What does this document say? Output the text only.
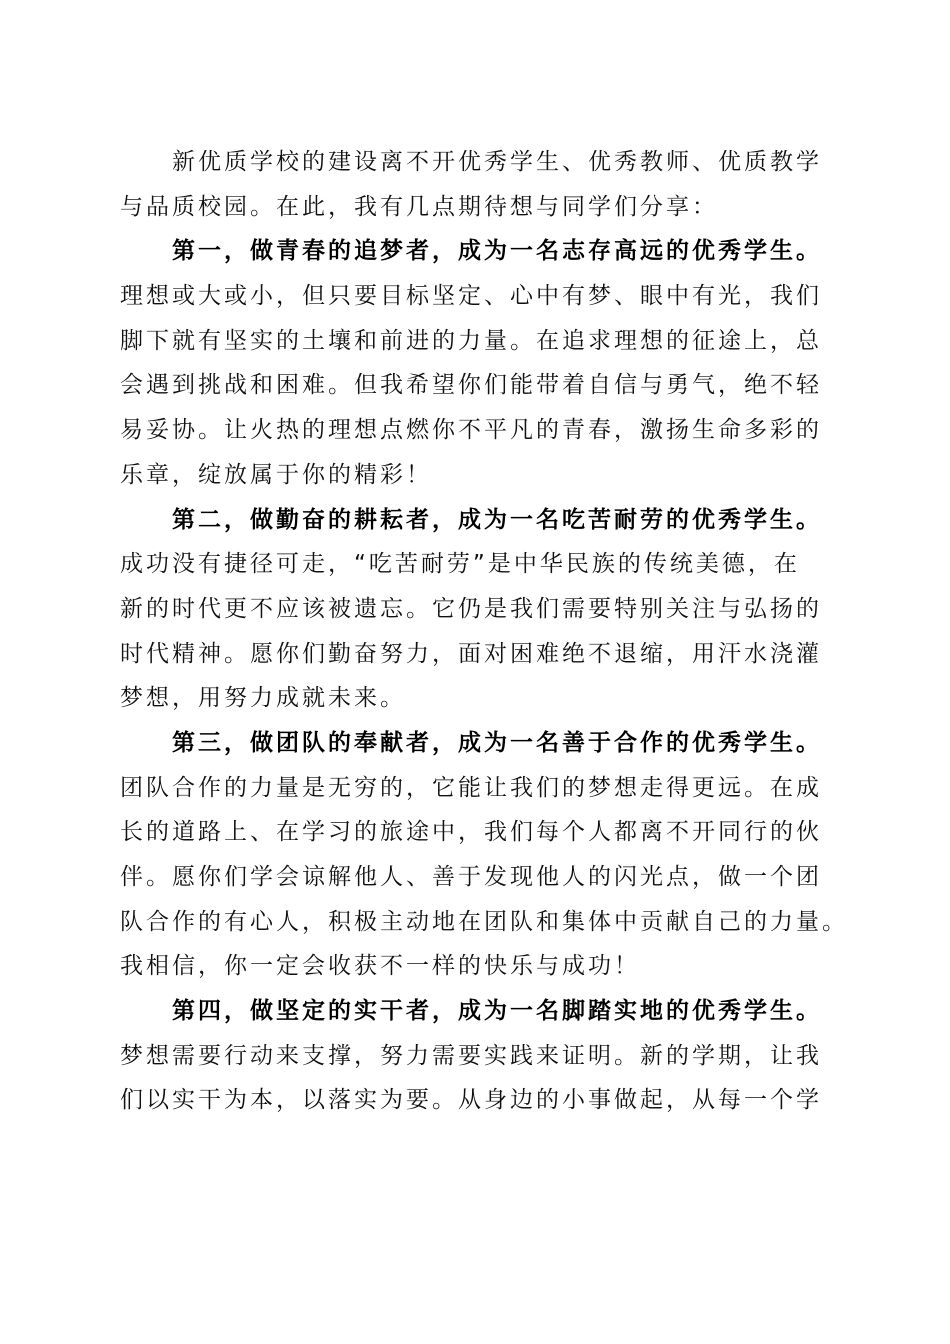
新优质学校的建设离不开优秀学生、优秀教师、优质教学
与品质校园。在此，我有几点期待想与同学们分享：
第一，做青春的追梦者，成为一名志存高远的优秀学生。
理想或大或小，但只要目标坚定、心中有梦、眼中有光，我们
脚下就有坚实的土壤和前进的力量。在追求理想的征途上，总
会遇到挑战和困难。但我希望你们能带着自信与勇气，绝不轻
易妥协。让火热的理想点燃你不平凡的青春，激扬生命多彩的
乐章，绽放属于你的精彩！
第二，做勤奋的耕耘者，成为一名吃苦耐劳的优秀学生。
成功没有捷径可走，“吃苦耐劳”是中华民族的传统美德，在
新的时代更不应该被遗忘。它仍是我们需要特别关注与弘扬的
时代精神。愿你们勤奋努力，面对困难绝不退缩，用汗水浇灌
梦想，用努力成就未来。
第三，做团队的奉献者，成为一名善于合作的优秀学生。
团队合作的力量是无穷的，它能让我们的梦想走得更远。在成
长的道路上、在学习的旅途中，我们每个人都离不开同行的伙
伴。愿你们学会谅解他人、善于发现他人的闪光点，做一个团
队合作的有心人，积极主动地在团队和集体中贡献自己的力量。
我相信，你一定会收获不一样的快乐与成功！
第四，做坚定的实干者，成为一名脚踏实地的优秀学生。
梦想需要行动来支撑，努力需要实践来证明。新的学期，让我
们以实干为本，以落实为要。从身边的小事做起，从每一个学
